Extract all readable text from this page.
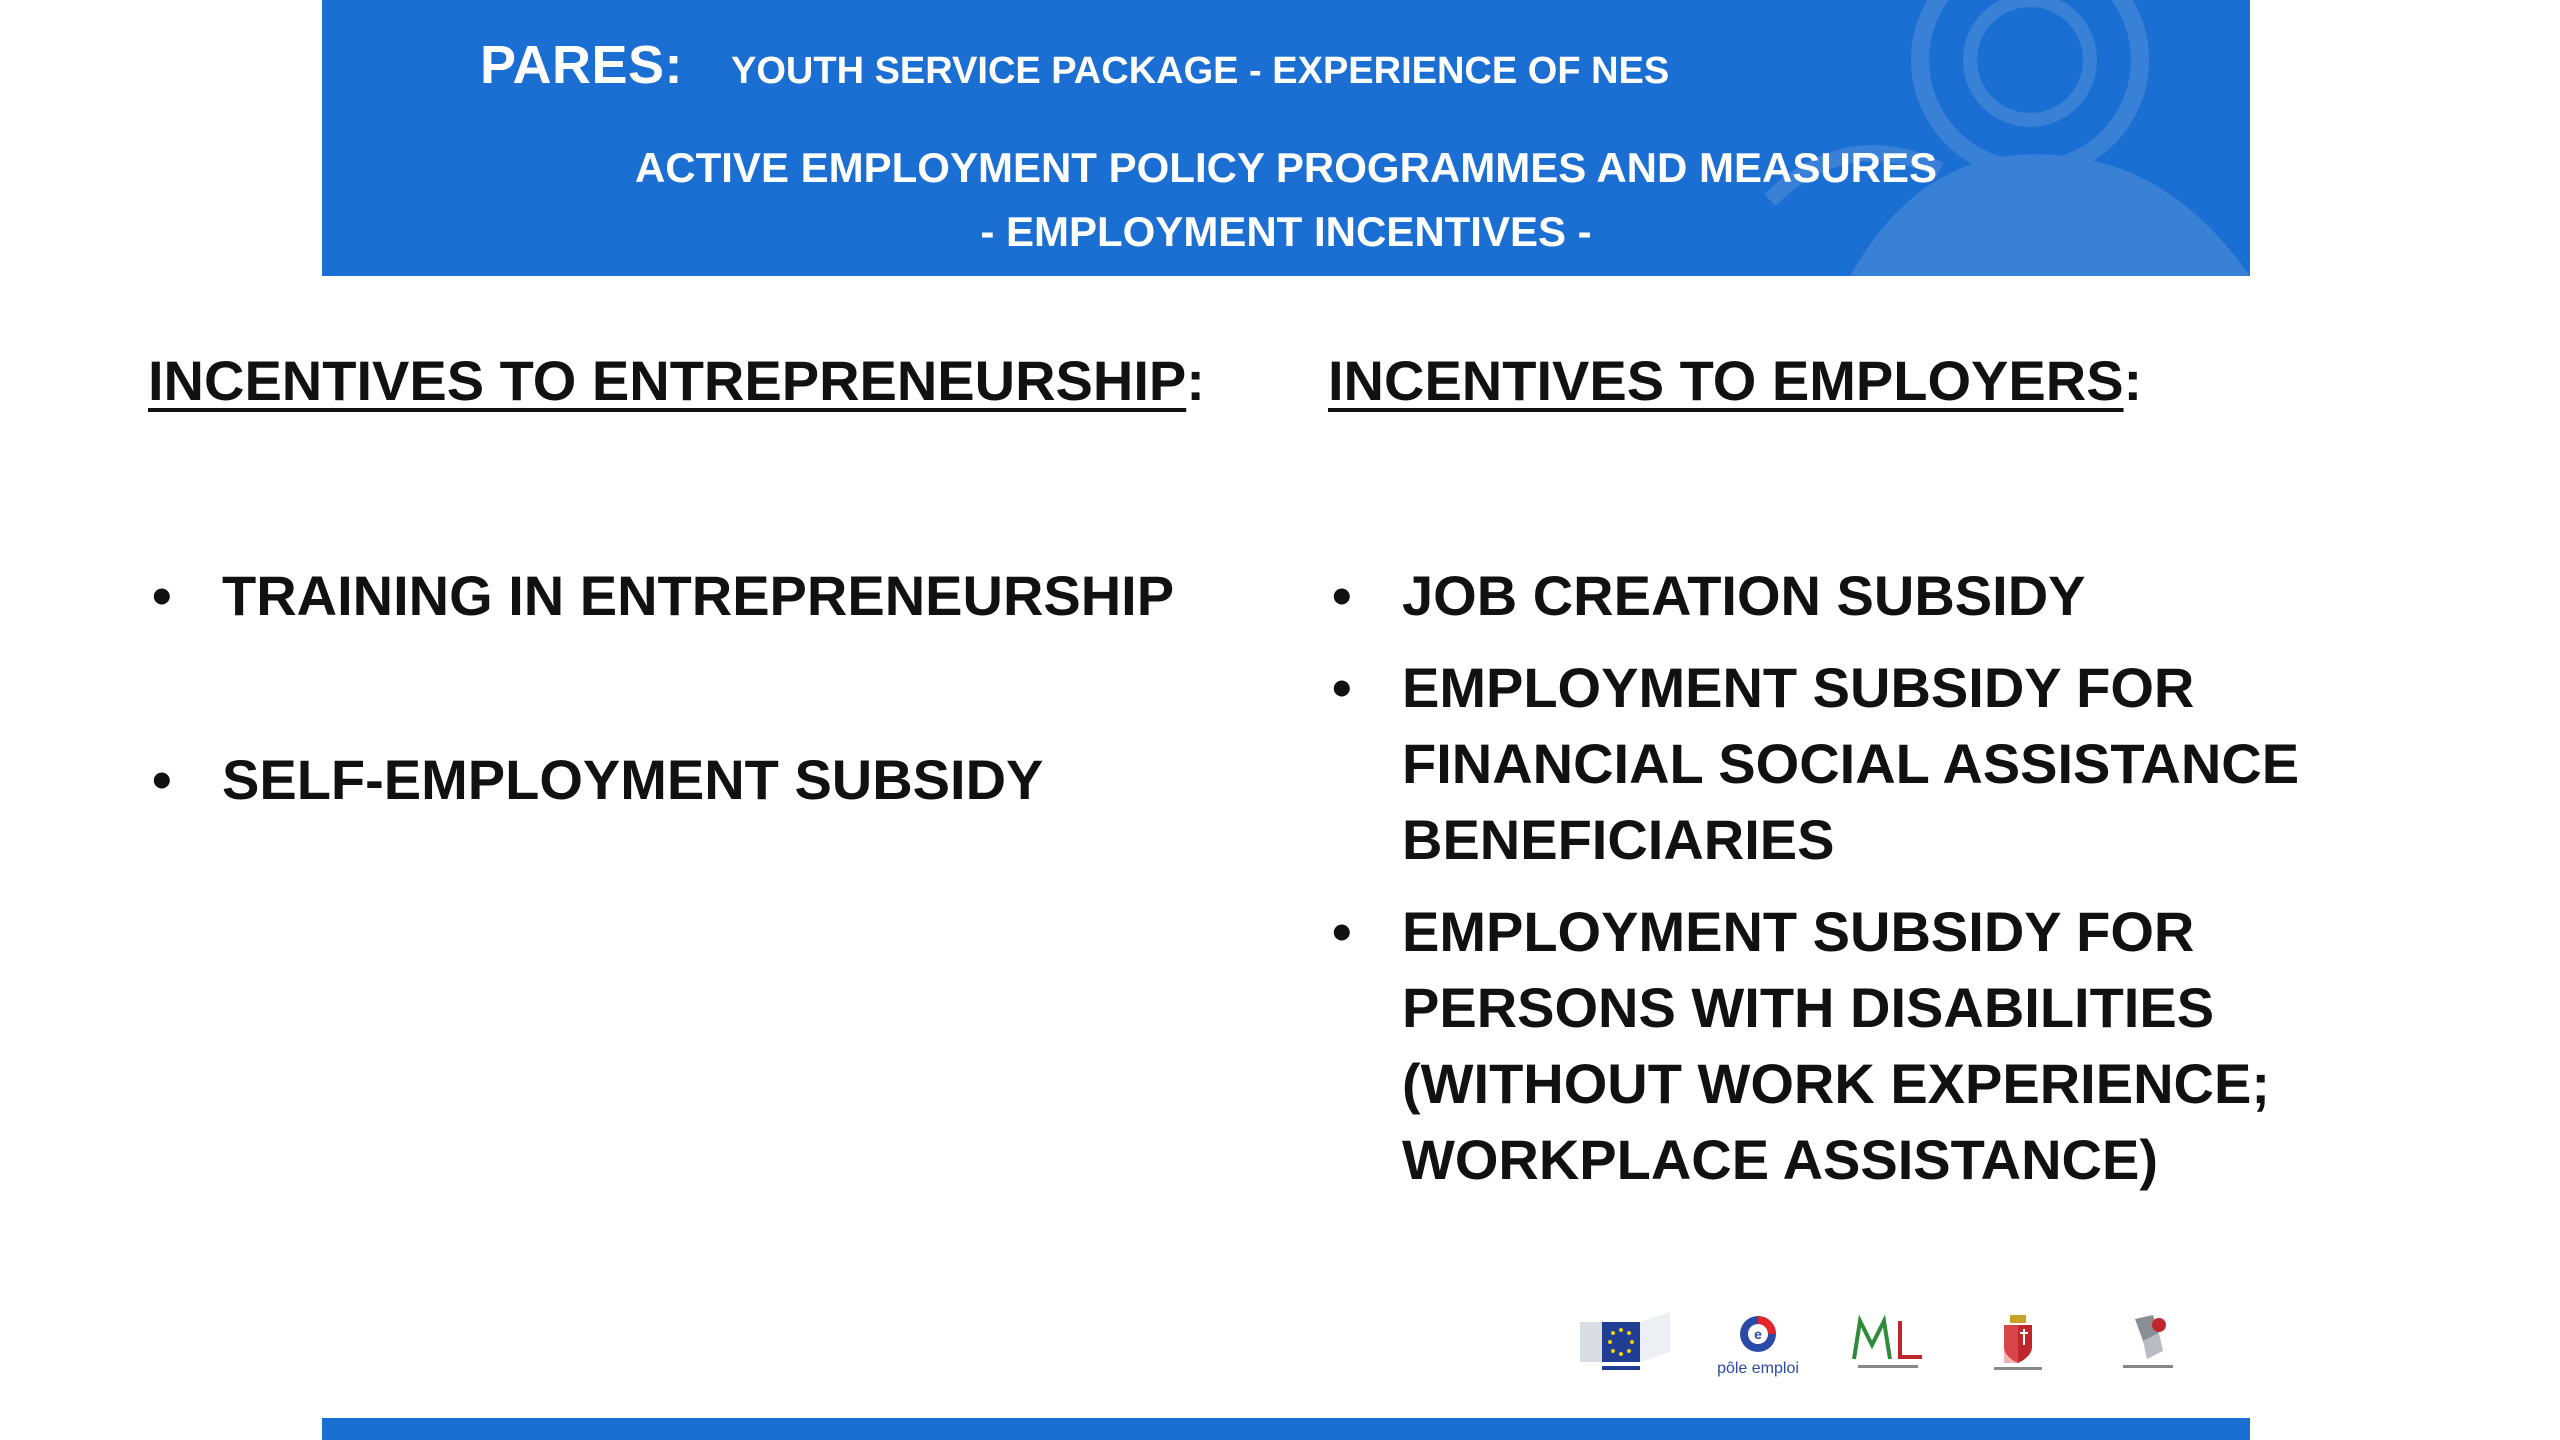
PARES: YOUTH SERVICE PACKAGE - EXPERIENCE OF NES
ACTIVE EMPLOYMENT POLICY PROGRAMMES AND MEASURES
- EMPLOYMENT INCENTIVES -
INCENTIVES TO ENTREPRENEURSHIP:
• TRAINING IN ENTREPRENEURSHIP
• SELF-EMPLOYMENT SUBSIDY
INCENTIVES TO EMPLOYERS:
• JOB CREATION SUBSIDY
• EMPLOYMENT SUBSIDY FOR FINANCIAL SOCIAL ASSISTANCE BENEFICIARIES
• EMPLOYMENT SUBSIDY FOR PERSONS WITH DISABILITIES (WITHOUT WORK EXPERIENCE; WORKPLACE ASSISTANCE)
e
pôle emploi
